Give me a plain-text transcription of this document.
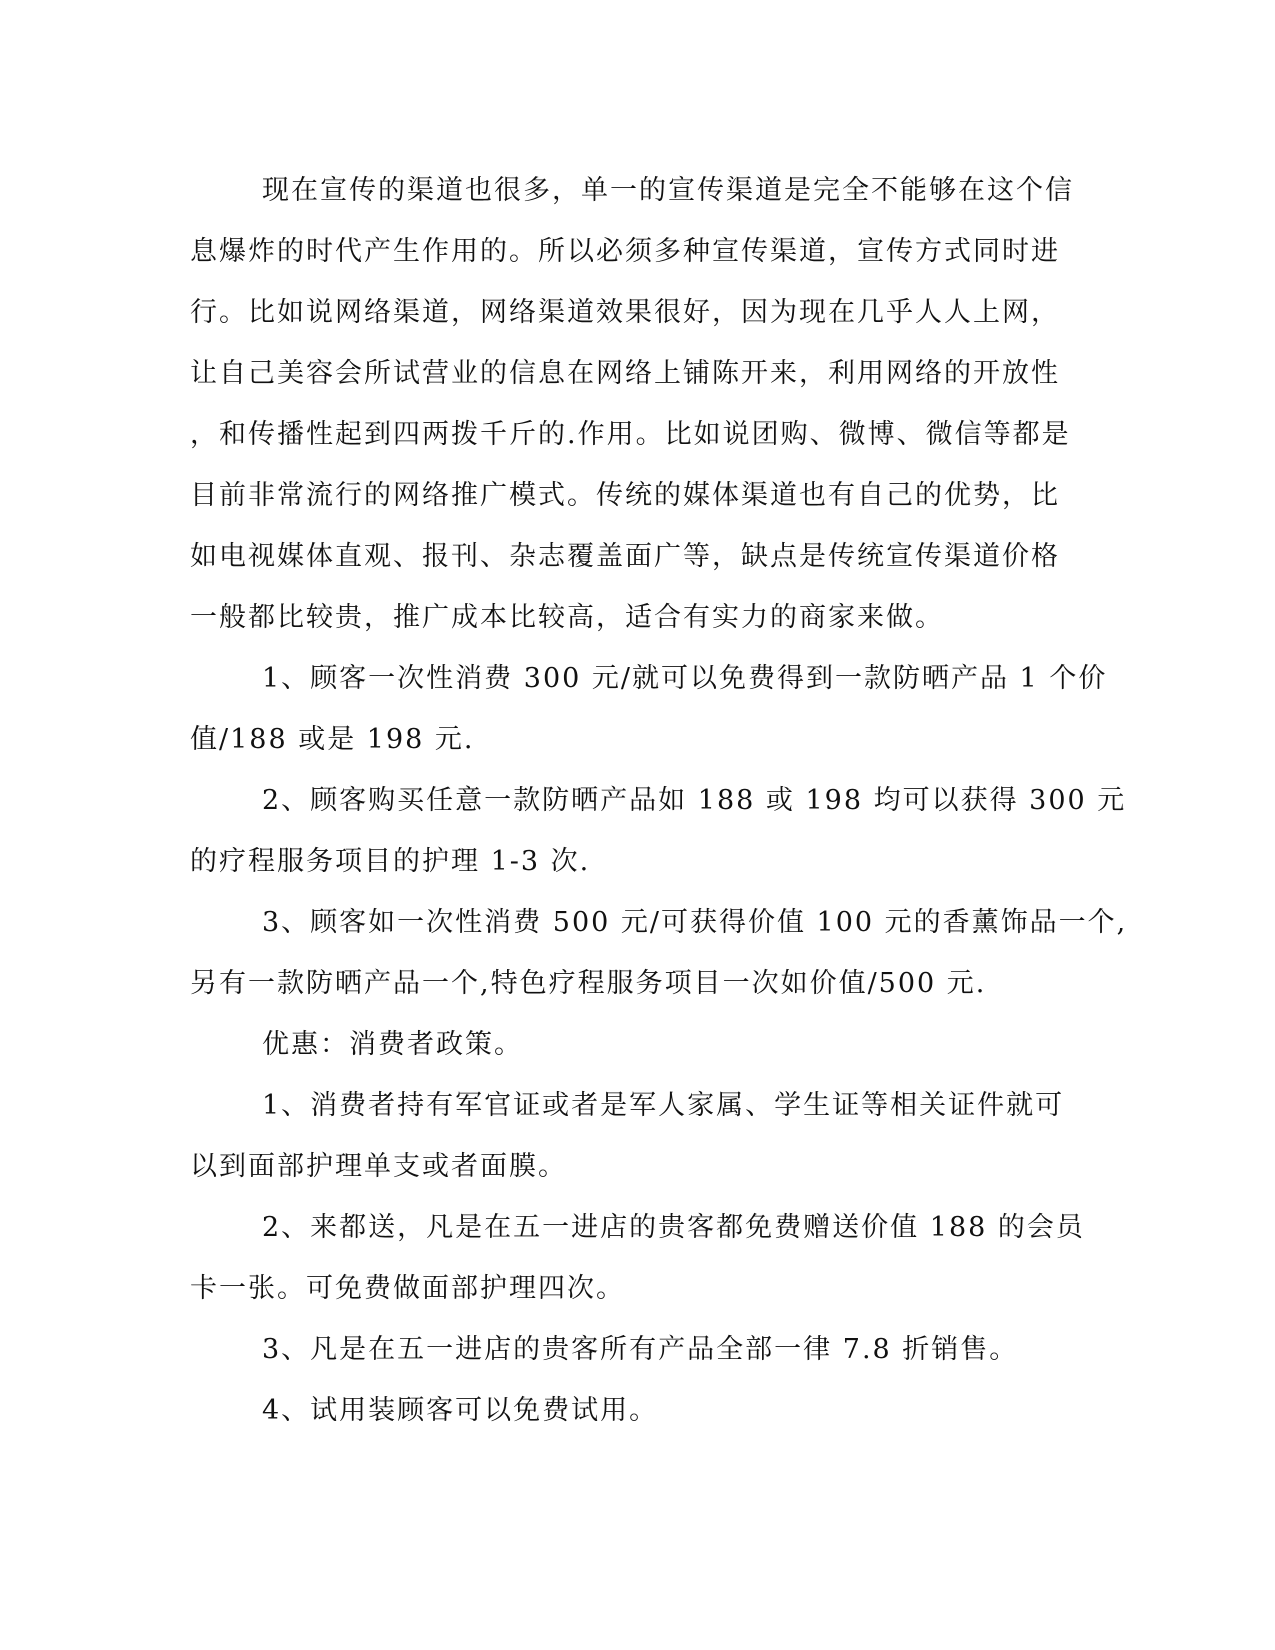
现在宣传的渠道也很多，单一的宣传渠道是完全不能够在这个信
息爆炸的时代产生作用的。所以必须多种宣传渠道，宣传方式同时进
行。比如说网络渠道，网络渠道效果很好，因为现在几乎人人上网，
让自己美容会所试营业的信息在网络上铺陈开来，利用网络的开放性
，和传播性起到四两拨千斤的.作用。比如说团购、微博、微信等都是
目前非常流行的网络推广模式。传统的媒体渠道也有自己的优势，比
如电视媒体直观、报刊、杂志覆盖面广等，缺点是传统宣传渠道价格
一般都比较贵，推广成本比较高，适合有实力的商家来做。
1、顾客一次性消费 300 元/就可以免费得到一款防晒产品 1 个价
值/188 或是 198 元.
2、顾客购买任意一款防晒产品如 188 或 198 均可以获得 300 元
的疗程服务项目的护理 1-3 次.
3、顾客如一次性消费 500 元/可获得价值 100 元的香薰饰品一个,
另有一款防晒产品一个,特色疗程服务项目一次如价值/500 元.
优惠：消费者政策。
1、消费者持有军官证或者是军人家属、学生证等相关证件就可
以到面部护理单支或者面膜。
2、来都送，凡是在五一进店的贵客都免费赠送价值 188 的会员
卡一张。可免费做面部护理四次。
3、凡是在五一进店的贵客所有产品全部一律 7.8 折销售。
4、试用装顾客可以免费试用。
